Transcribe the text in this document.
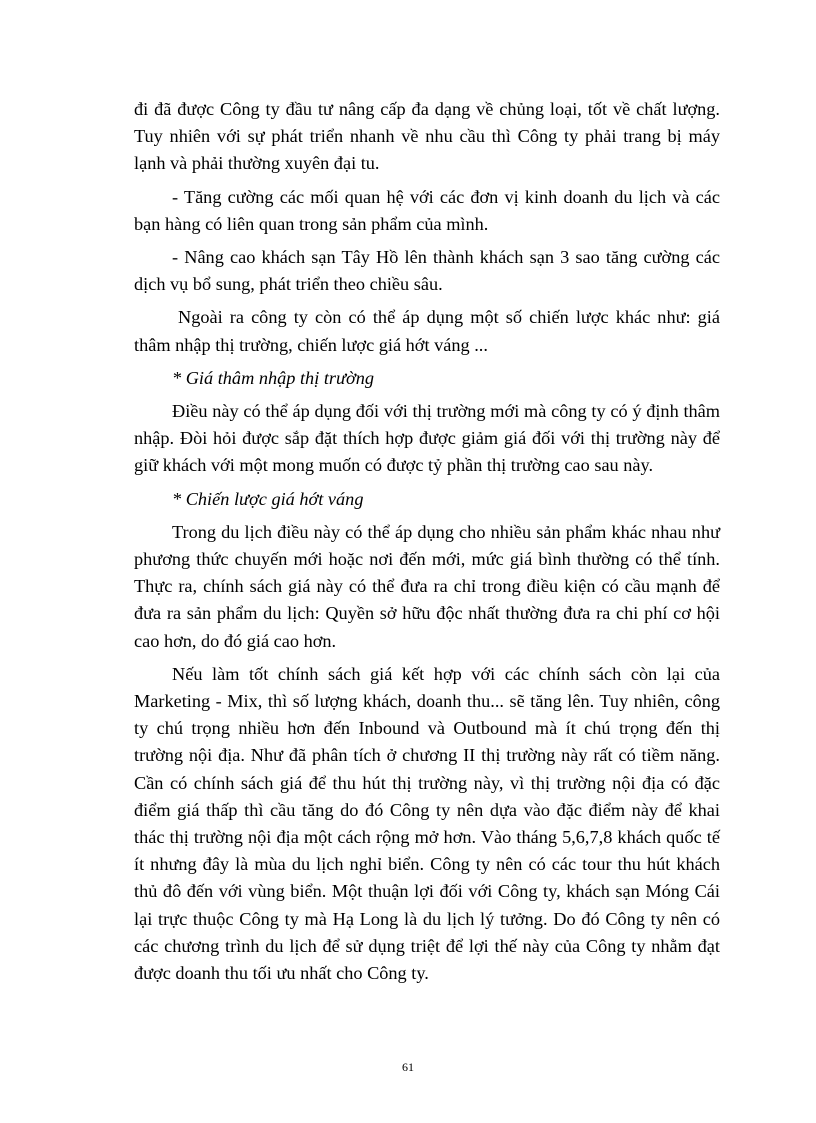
đi đã được Công ty đầu tư nâng cấp đa dạng về chủng loại, tốt về chất lượng. Tuy nhiên với sự phát triển nhanh về nhu cầu thì Công ty phải trang bị máy lạnh và phải thường xuyên đại tu.

- Tăng cường các mối quan hệ với các đơn vị kinh doanh du lịch và các bạn hàng có liên quan trong sản phẩm của mình.

- Nâng cao khách sạn Tây Hồ lên thành khách sạn 3 sao tăng cường các dịch vụ bổ sung, phát triển theo chiều sâu.

Ngoài ra công ty còn có thể áp dụng một số chiến lược khác như: giá thâm nhập thị trường, chiến lược giá hớt váng ...

* Giá thâm nhập thị trường

Điều này có thể áp dụng đối với thị trường mới mà công ty có ý định thâm nhập. Đòi hỏi được sắp đặt thích hợp được giảm giá đối với thị trường này để giữ khách với một mong muốn có được tỷ phần thị trường cao sau này.

* Chiến lược giá hớt váng

Trong du lịch điều này có thể áp dụng cho nhiều sản phẩm khác nhau như phương thức chuyến mới hoặc nơi đến mới, mức giá bình thường có thể tính. Thực ra, chính sách giá này có thể đưa ra chỉ trong điều kiện có cầu mạnh để đưa ra sản phẩm du lịch: Quyền sở hữu độc nhất thường đưa ra chi phí cơ hội cao hơn, do đó giá cao hơn.

Nếu làm tốt chính sách giá kết hợp với các chính sách còn lại của Marketing - Mix, thì số lượng khách, doanh thu... sẽ tăng lên. Tuy nhiên, công ty chú trọng nhiều hơn đến Inbound và Outbound mà ít chú trọng đến thị trường nội địa. Như đã phân tích ở chương II thị trường này rất có tiềm năng. Cần có chính sách giá để thu hút thị trường này, vì thị trường nội địa có đặc điểm giá thấp thì cầu tăng do đó Công ty nên dựa vào đặc điểm này để khai thác thị trường nội địa một cách rộng mở hơn. Vào tháng 5,6,7,8 khách quốc tế ít nhưng đây là mùa du lịch nghỉ biển. Công ty nên có các tour thu hút khách thủ đô đến với vùng biển. Một thuận lợi đối với Công ty, khách sạn Móng Cái lại trực thuộc Công ty mà Hạ Long là du lịch lý tưởng. Do đó Công ty nên có các chương trình du lịch để sử dụng triệt để lợi thế này của Công ty nhằm đạt được doanh thu tối ưu nhất cho Công ty.

61
